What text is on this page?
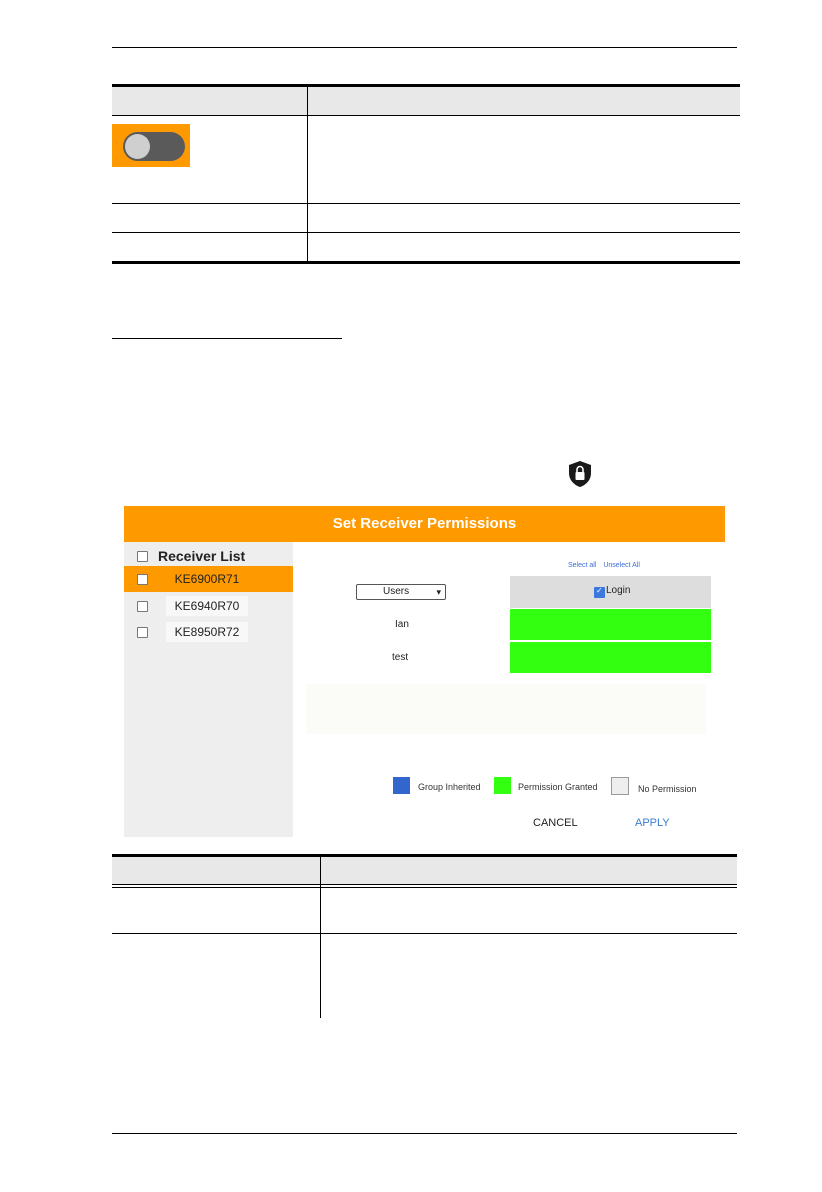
Set Receiver Permissions
Receiver List
KE6900R71
KE6940R70
KE8950R72
Select all Unselect All
Users	▾
✓	Login
Ian
test
Group Inherited	Permission Granted	No Permission
CANCEL	APPLY
